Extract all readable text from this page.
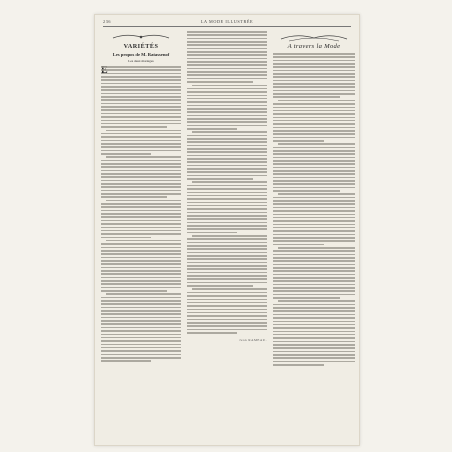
236	LA MODE ILLUSTRÉE
VARIÉTÉS
Les propos de M. Ratassenof
Les deux mariages
Jean RAMEAU.
A travers la Mode
